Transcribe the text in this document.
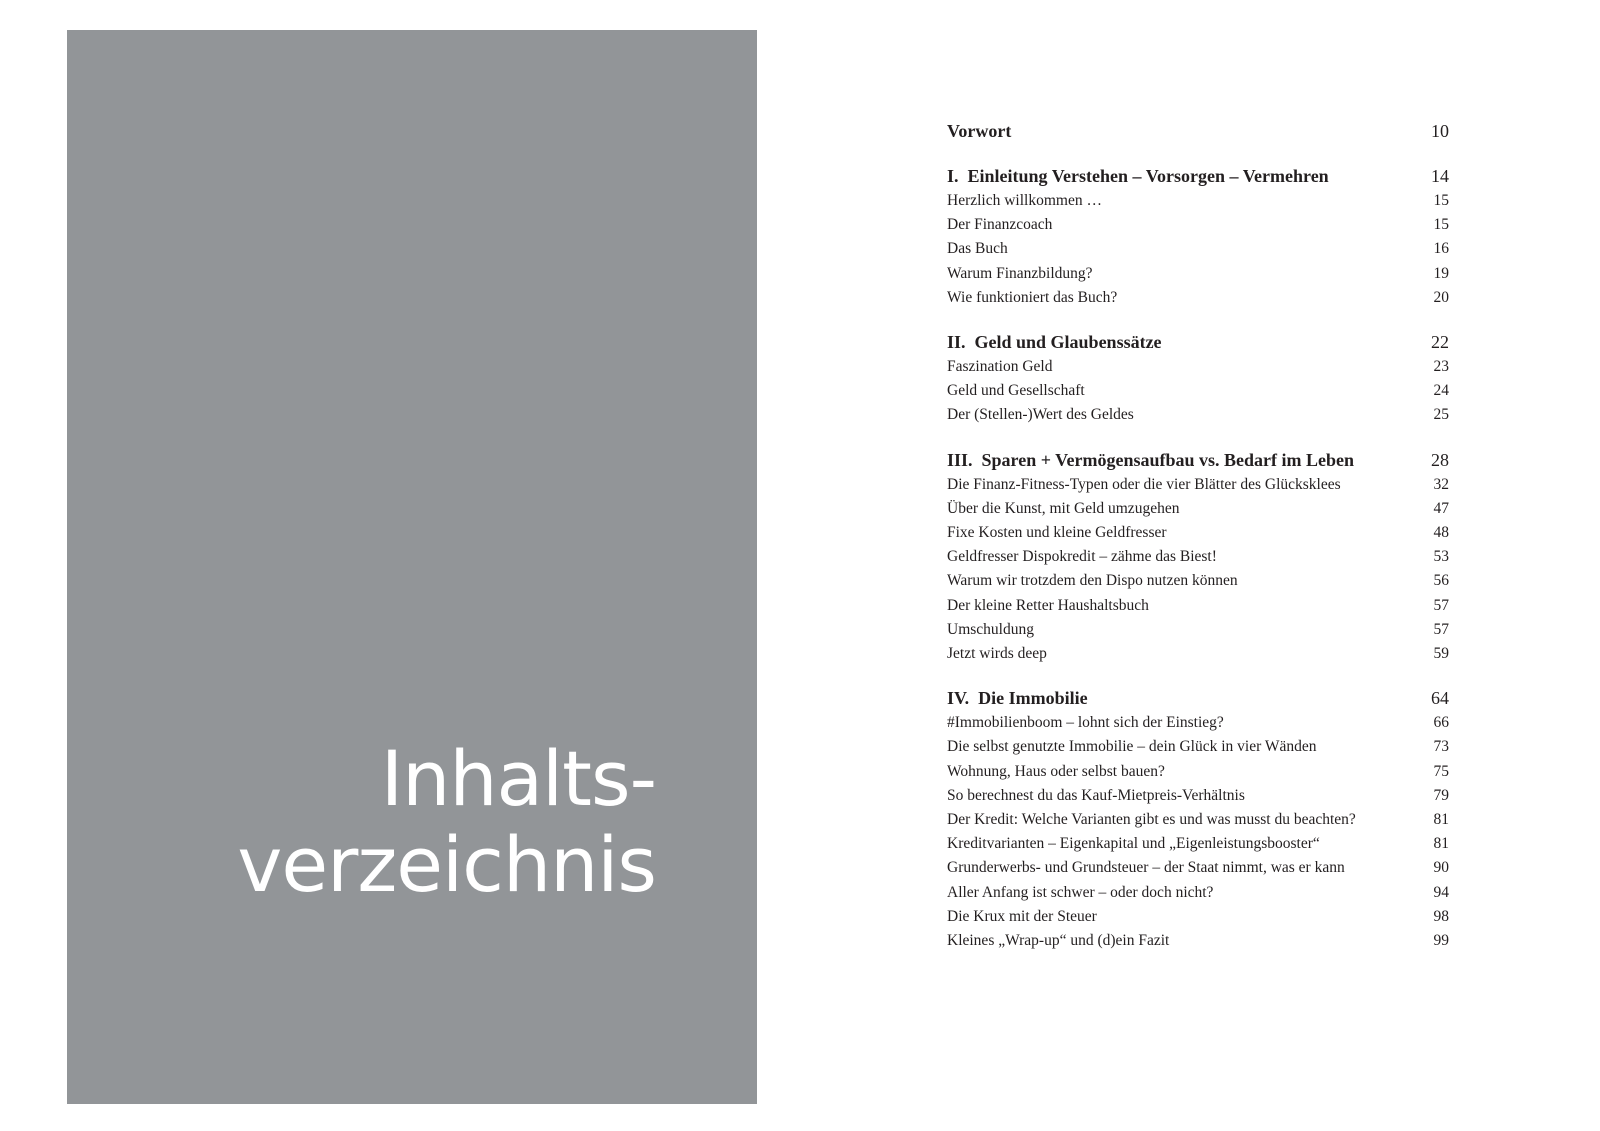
Inhalts-
verzeichnis
Vorwort	10
I. Einleitung Verstehen – Vorsorgen – Vermehren	14
Herzlich willkommen …	15
Der Finanzcoach	15
Das Buch	16
Warum Finanzbildung?	19
Wie funktioniert das Buch?	20
II. Geld und Glaubenssätze	22
Faszination Geld	23
Geld und Gesellschaft	24
Der (Stellen-)Wert des Geldes	25
III. Sparen + Vermögensaufbau vs. Bedarf im Leben	28
Die Finanz-Fitness-Typen oder die vier Blätter des Glücksklees	32
Über die Kunst, mit Geld umzugehen	47
Fixe Kosten und kleine Geldfresser	48
Geldfresser Dispokredit – zähme das Biest!	53
Warum wir trotzdem den Dispo nutzen können	56
Der kleine Retter Haushaltsbuch	57
Umschuldung	57
Jetzt wirds deep	59
IV. Die Immobilie	64
#Immobilienboom – lohnt sich der Einstieg?	66
Die selbst genutzte Immobilie – dein Glück in vier Wänden	73
Wohnung, Haus oder selbst bauen?	75
So berechnest du das Kauf-Mietpreis-Verhältnis	79
Der Kredit: Welche Varianten gibt es und was musst du beachten?	81
Kreditvarianten – Eigenkapital und „Eigenleistungsbooster“	81
Grunderwerbs- und Grundsteuer – der Staat nimmt, was er kann	90
Aller Anfang ist schwer – oder doch nicht?	94
Die Krux mit der Steuer	98
Kleines „Wrap-up“ und (d)ein Fazit	99
